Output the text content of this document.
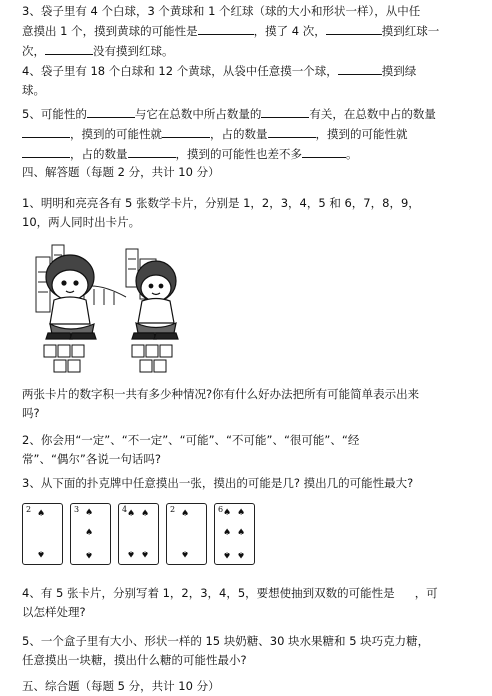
3、袋子里有 4 个白球，3 个黄球和 1 个红球（球的大小和形状一样），从中任
意摸出 1 个，摸到黄球的可能性是	，摸了 4 次，	摸到红球一
次，	没有摸到红球。
4、袋子里有 18 个白球和 12 个黄球，从袋中任意摸一个球，	摸到绿
球。
5、可能性的	与它在总数中所占数量的	有关，在总数中占的数量
，摸到的可能性就	，占的数量	，摸到的可能性就
，占的数量	，摸到的可能性也差不多	。
四、解答题（每题 2 分，共计 10 分）
1、明明和亮亮各有 5 张数学卡片，分别是 1，2，3，4，5 和 6，7，8，9，
10，两人同时出卡片。
两张卡片的数字积一共有多少种情况?你有什么好办法把所有可能简单表示出来
吗?
2、你会用“一定”、“不一定”、“可能”、“不可能”、“很可能”、“经
常”、“偶尔”各说一句话吗?
3、从下面的扑克牌中任意摸出一张，摸出的可能是几? 摸出几的可能性最大?
2 ♠
♠
3 ♠
♠
♠
4 ♠ ♠
♠ ♠
2 ♠
♠
6 ♠ ♠
♠ ♠
♠ ♠
4、有 5 张卡片，分别写着 1，2，3，4，5，要想使抽到双数的可能性是 ，可
以怎样处理?
5、一个盒子里有大小、形状一样的 15 块奶糖、30 块水果糖和 5 块巧克力糖，
任意摸出一块糖，摸出什么糖的可能性最小?
五、综合题（每题 5 分，共计 10 分）
